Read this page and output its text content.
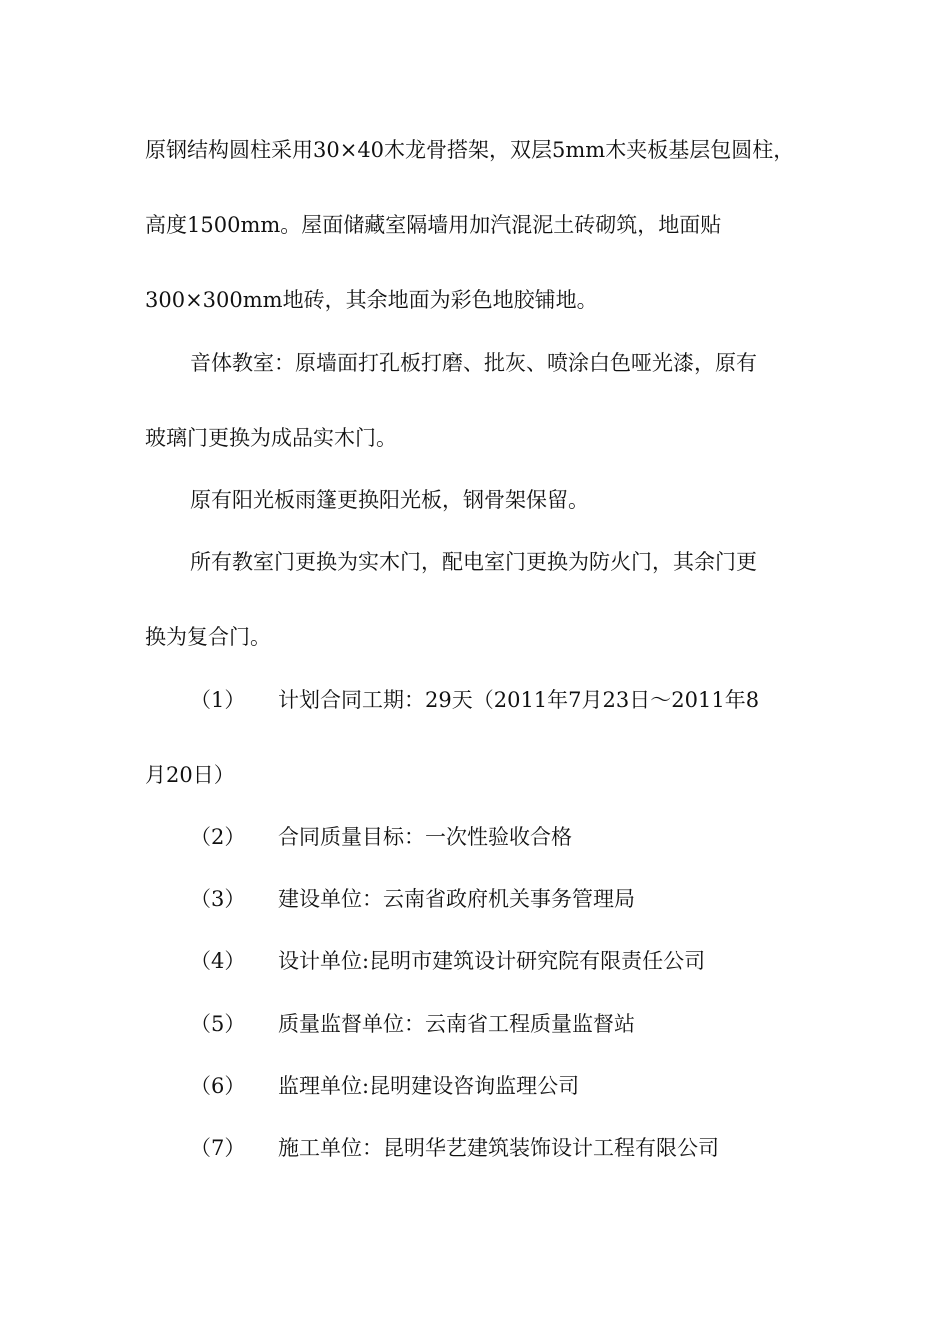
原钢结构圆柱采用30×40木龙骨搭架，双层5mm木夹板基层包圆柱，
高度1500mm。屋面储藏室隔墙用加汽混泥土砖砌筑，地面贴
300×300mm地砖，其余地面为彩色地胶铺地。
音体教室：原墙面打孔板打磨、批灰、喷涂白色哑光漆，原有
玻璃门更换为成品实木门。
原有阳光板雨篷更换阳光板，钢骨架保留。
所有教室门更换为实木门，配电室门更换为防火门，其余门更
换为复合门。
（1） 计划合同工期：29天（2011年7月23日～2011年8
月20日）
（2） 合同质量目标：一次性验收合格
（3） 建设单位：云南省政府机关事务管理局
（4） 设计单位:昆明市建筑设计研究院有限责任公司
（5） 质量监督单位：云南省工程质量监督站
（6） 监理单位:昆明建设咨询监理公司
（7） 施工单位：昆明华艺建筑装饰设计工程有限公司
